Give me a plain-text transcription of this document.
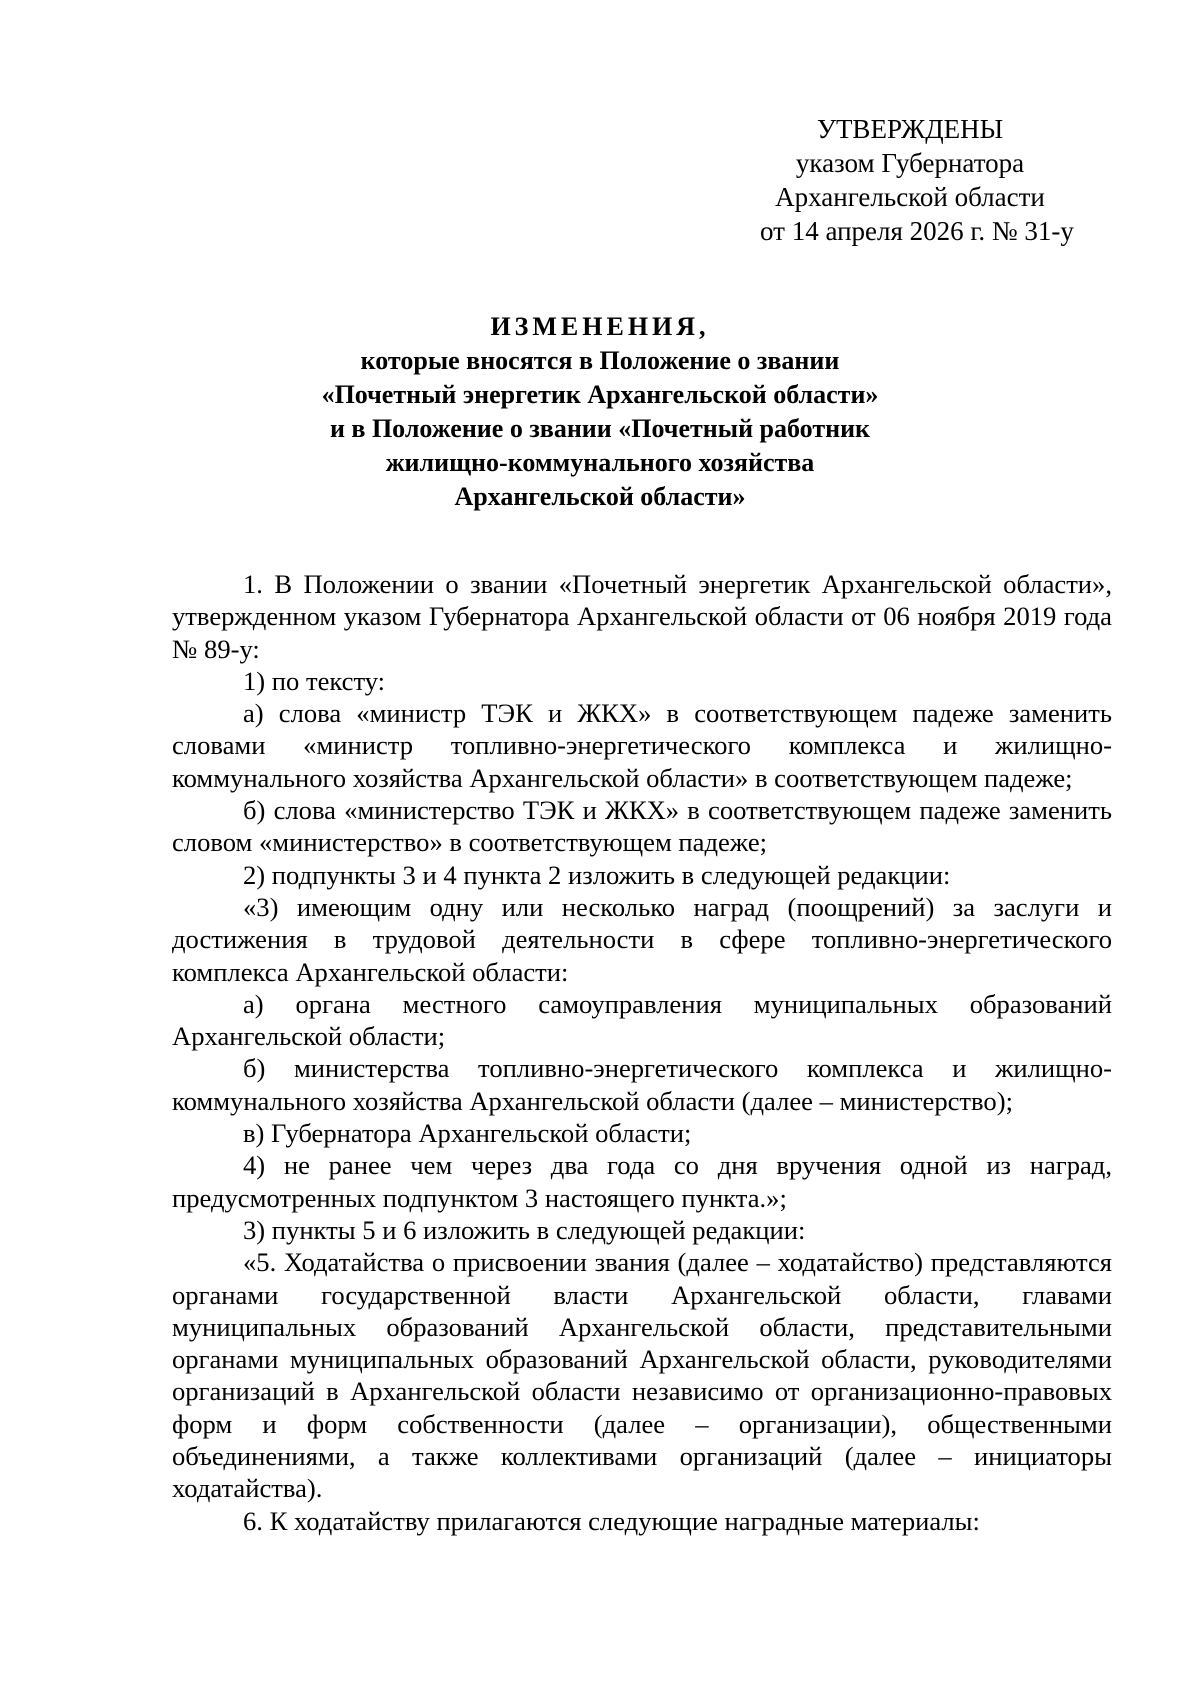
УТВЕРЖДЕНЫ
указом Губернатора
Архангельской области
от 14 апреля 2026 г. № 31-у
ИЗМЕНЕНИЯ,
которые вносятся в Положение о звании
«Почетный энергетик Архангельской области»
и в Положение о звании «Почетный работник
жилищно-коммунального хозяйства
Архангельской области»

1. В Положении о звании «Почетный энергетик Архангельской области», утвержденном указом Губернатора Архангельской области от 06 ноября 2019 года № 89-у:

1) по тексту:

а) слова «министр ТЭК и ЖКХ» в соответствующем падеже заменить словами «министр топливно-энергетического комплекса и жилищно-коммунального хозяйства Архангельской области» в соответствующем падеже;

б) слова «министерство ТЭК и ЖКХ» в соответствующем падеже заменить словом «министерство» в соответствующем падеже;

2) подпункты 3 и 4 пункта 2 изложить в следующей редакции:

«3) имеющим одну или несколько наград (поощрений) за заслуги и достижения в трудовой деятельности в сфере топливно-энергетического комплекса Архангельской области:

а) органа местного самоуправления муниципальных образований Архангельской области;

б) министерства топливно-энергетического комплекса и жилищно-коммунального хозяйства Архангельской области (далее – министерство);

в) Губернатора Архангельской области;

4) не ранее чем через два года со дня вручения одной из наград, предусмотренных подпунктом 3 настоящего пункта.»;

3) пункты 5 и 6 изложить в следующей редакции:

«5. Ходатайства о присвоении звания (далее – ходатайство) представляются органами государственной власти Архангельской области, главами муниципальных образований Архангельской области, представительными органами муниципальных образований Архангельской области, руководителями организаций в Архангельской области независимо от организационно-правовых форм и форм собственности (далее – организации), общественными объединениями, а также коллективами организаций (далее – инициаторы ходатайства).

6. К ходатайству прилагаются следующие наградные материалы:
